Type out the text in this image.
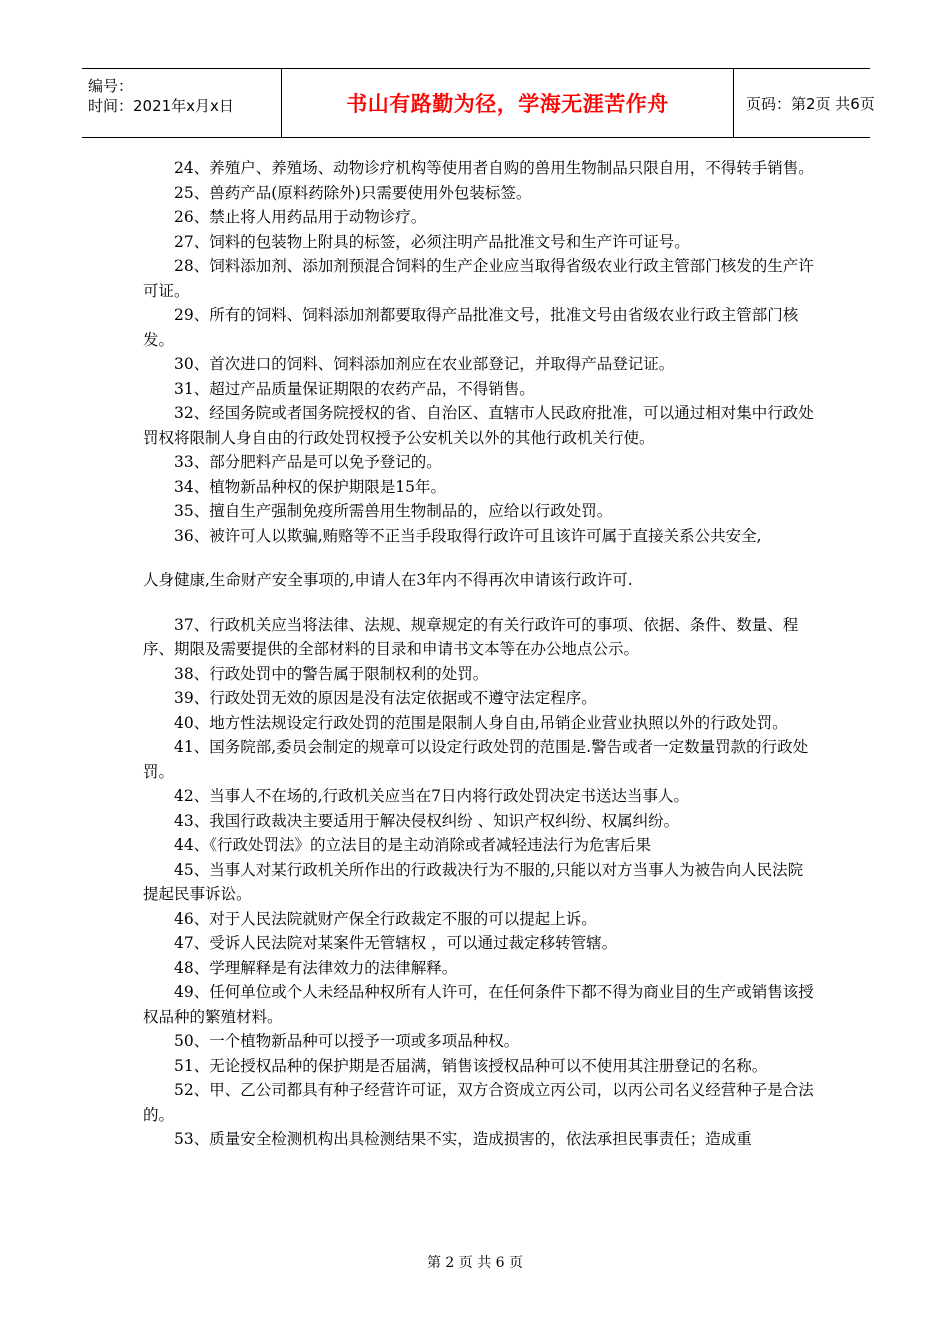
编号：
时间：2021年x月x日	书山有路勤为径，学海无涯苦作舟	页码：第2页 共6页

24、养殖户、养殖场、动物诊疗机构等使用者自购的兽用生物制品只限自用，不得转手销售。

25、兽药产品(原料药除外)只需要使用外包装标签。

26、禁止将人用药品用于动物诊疗。

27、饲料的包装物上附具的标签，必须注明产品批准文号和生产许可证号。

28、饲料添加剂、添加剂预混合饲料的生产企业应当取得省级农业行政主管部门核发的生产许可证。

29、所有的饲料、饲料添加剂都要取得产品批准文号，批准文号由省级农业行政主管部门核发。

30、首次进口的饲料、饲料添加剂应在农业部登记，并取得产品登记证。

31、超过产品质量保证期限的农药产品，不得销售。

32、经国务院或者国务院授权的省、自治区、直辖市人民政府批准，可以通过相对集中行政处罚权将限制人身自由的行政处罚权授予公安机关以外的其他行政机关行使。

33、部分肥料产品是可以免予登记的。

34、植物新品种权的保护期限是15年。

35、擅自生产强制免疫所需兽用生物制品的，应给以行政处罚。

36、被许可人以欺骗,贿赂等不正当手段取得行政许可且该许可属于直接关系公共安全,

人身健康,生命财产安全事项的,申请人在3年内不得再次申请该行政许可.

37、行政机关应当将法律、法规、规章规定的有关行政许可的事项、依据、条件、数量、程序、期限及需要提供的全部材料的目录和申请书文本等在办公地点公示。

38、行政处罚中的警告属于限制权利的处罚。

39、行政处罚无效的原因是没有法定依据或不遵守法定程序。

40、地方性法规设定行政处罚的范围是限制人身自由,吊销企业营业执照以外的行政处罚。

41、国务院部,委员会制定的规章可以设定行政处罚的范围是.警告或者一定数量罚款的行政处罚。

42、当事人不在场的,行政机关应当在7日内将行政处罚决定书送达当事人。

43、我国行政裁决主要适用于解决侵权纠纷 、知识产权纠纷、权属纠纷。

44、《行政处罚法》的立法目的是主动消除或者减轻违法行为危害后果

45、当事人对某行政机关所作出的行政裁决行为不服的,只能以对方当事人为被告向人民法院提起民事诉讼。

46、对于人民法院就财产保全行政裁定不服的可以提起上诉。

47、受诉人民法院对某案件无管辖权 ，可以通过裁定移转管辖。

48、学理解释是有法律效力的法律解释。

49、任何单位或个人未经品种权所有人许可，在任何条件下都不得为商业目的生产或销售该授权品种的繁殖材料。

50、一个植物新品种可以授予一项或多项品种权。

51、无论授权品种的保护期是否届满，销售该授权品种可以不使用其注册登记的名称。

52、甲、乙公司都具有种子经营许可证，双方合资成立丙公司，以丙公司名义经营种子是合法的。

53、质量安全检测机构出具检测结果不实，造成损害的，依法承担民事责任；造成重

第 2 页 共 6 页
